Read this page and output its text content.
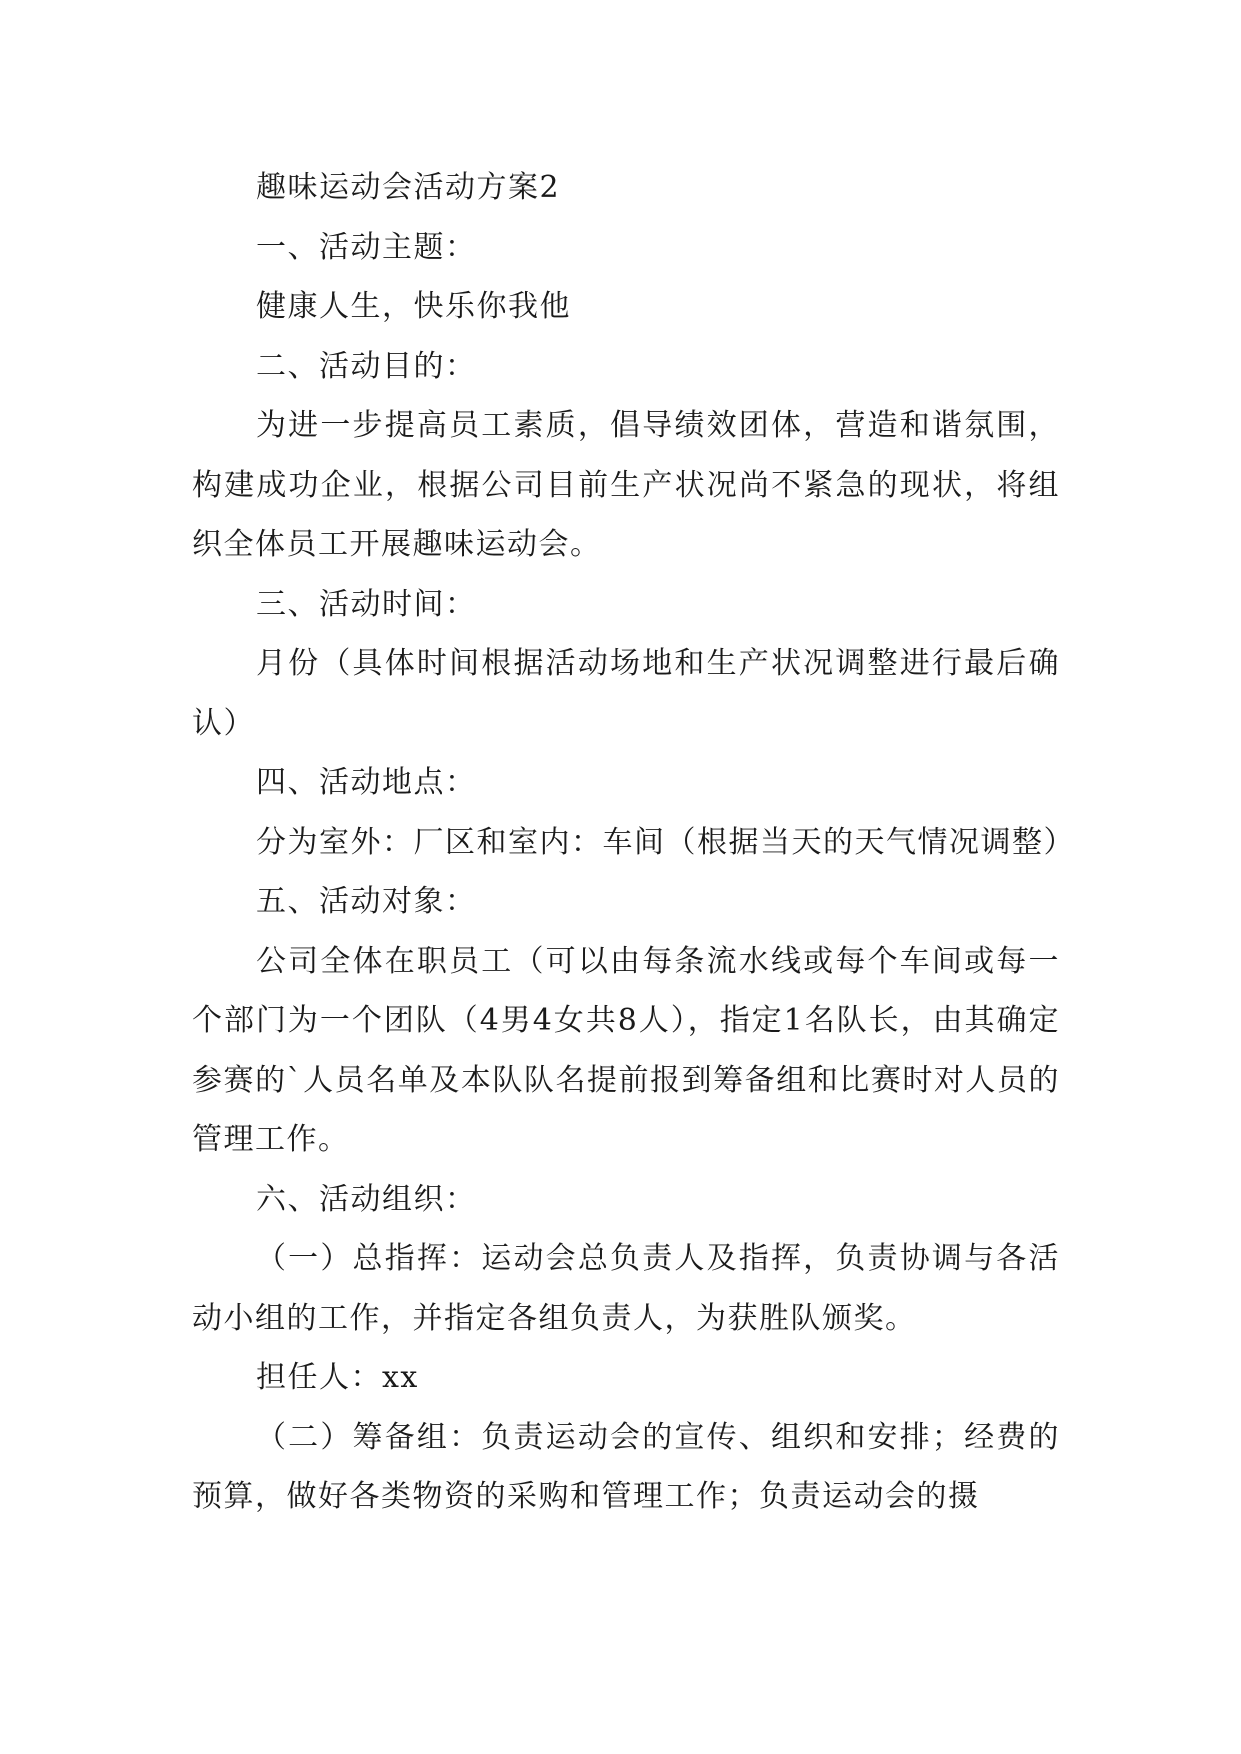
趣味运动会活动方案2

一、活动主题：

健康人生，快乐你我他

二、活动目的：

为进一步提高员工素质，倡导绩效团体，营造和谐氛围，构建成功企业，根据公司目前生产状况尚不紧急的现状，将组织全体员工开展趣味运动会。

三、活动时间：

月份（具体时间根据活动场地和生产状况调整进行最后确认）

四、活动地点：

分为室外：厂区和室内：车间（根据当天的天气情况调整）

五、活动对象：

公司全体在职员工（可以由每条流水线或每个车间或每一个部门为一个团队（4男4女共8人），指定1名队长，由其确定参赛的`人员名单及本队队名提前报到筹备组和比赛时对人员的管理工作。

六、活动组织：

（一）总指挥：运动会总负责人及指挥，负责协调与各活动小组的工作，并指定各组负责人，为获胜队颁奖。

担任人：xx

（二）筹备组：负责运动会的宣传、组织和安排；经费的预算，做好各类物资的采购和管理工作；负责运动会的摄
